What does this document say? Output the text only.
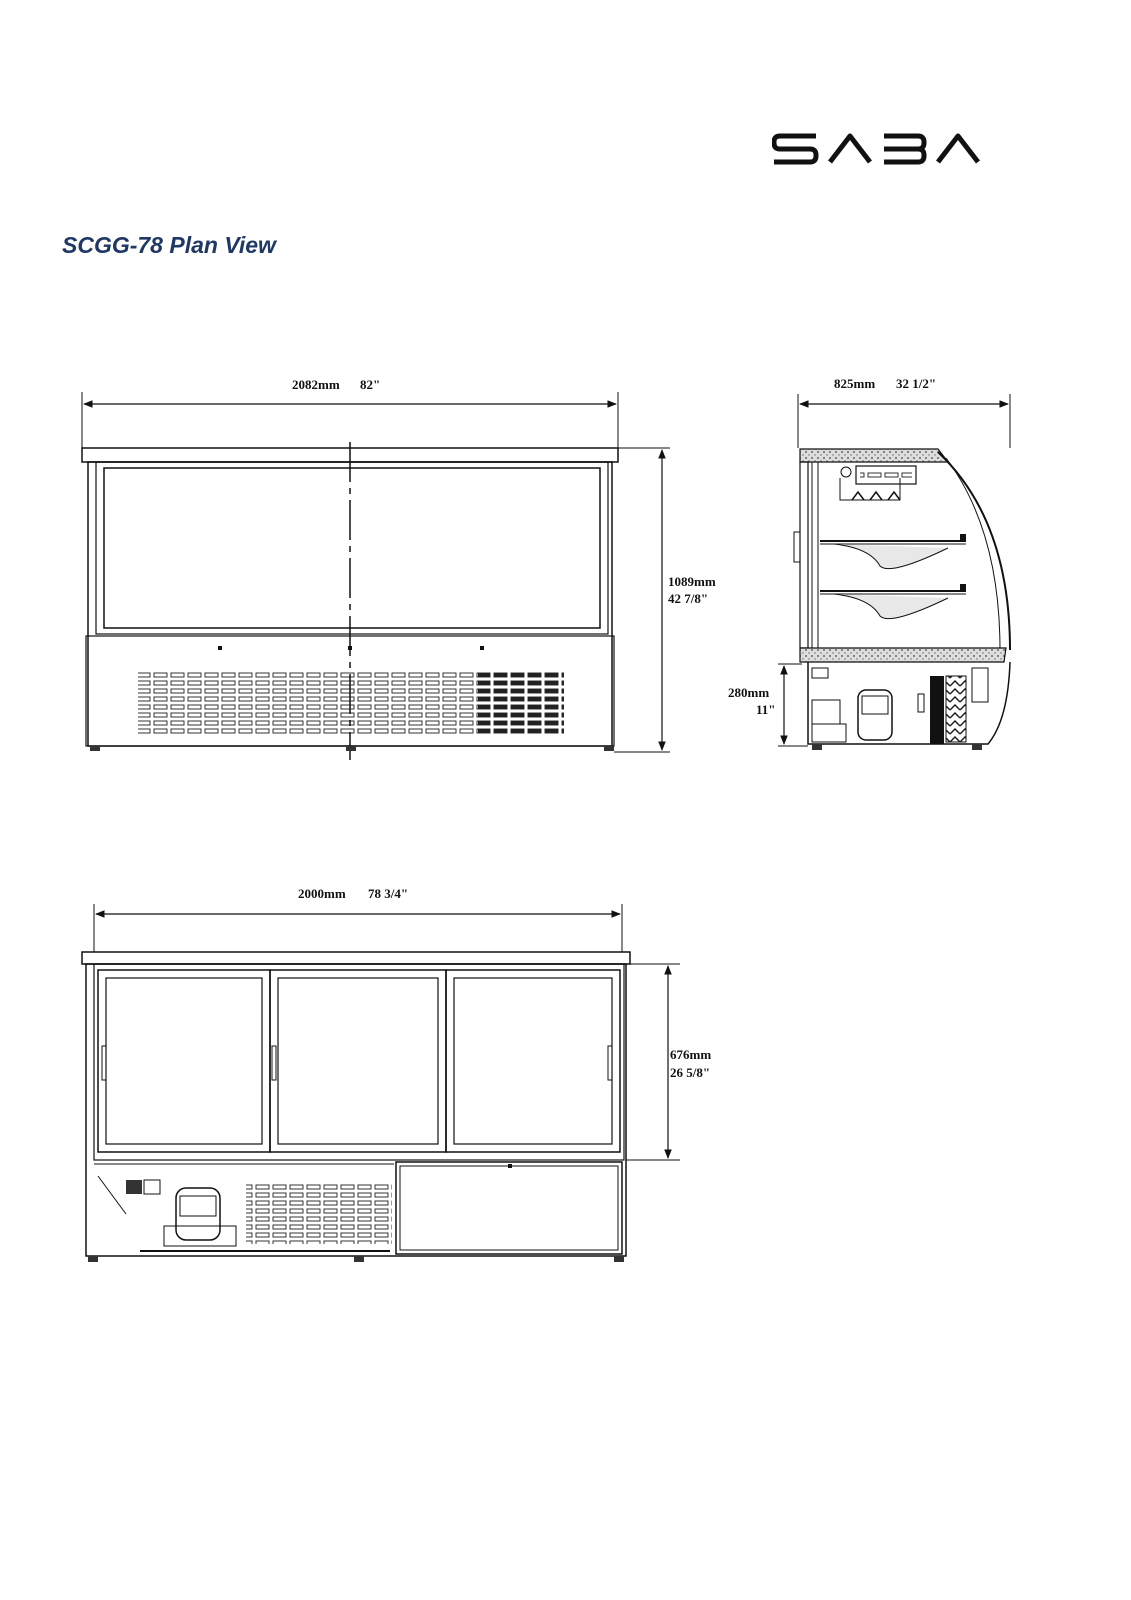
SCGG-78 Plan View
2082mm 82"
1089mm
42 7/8"
825mm 32 1/2"
280mm
11"
2000mm 78 3/4"
676mm
26 5/8"
